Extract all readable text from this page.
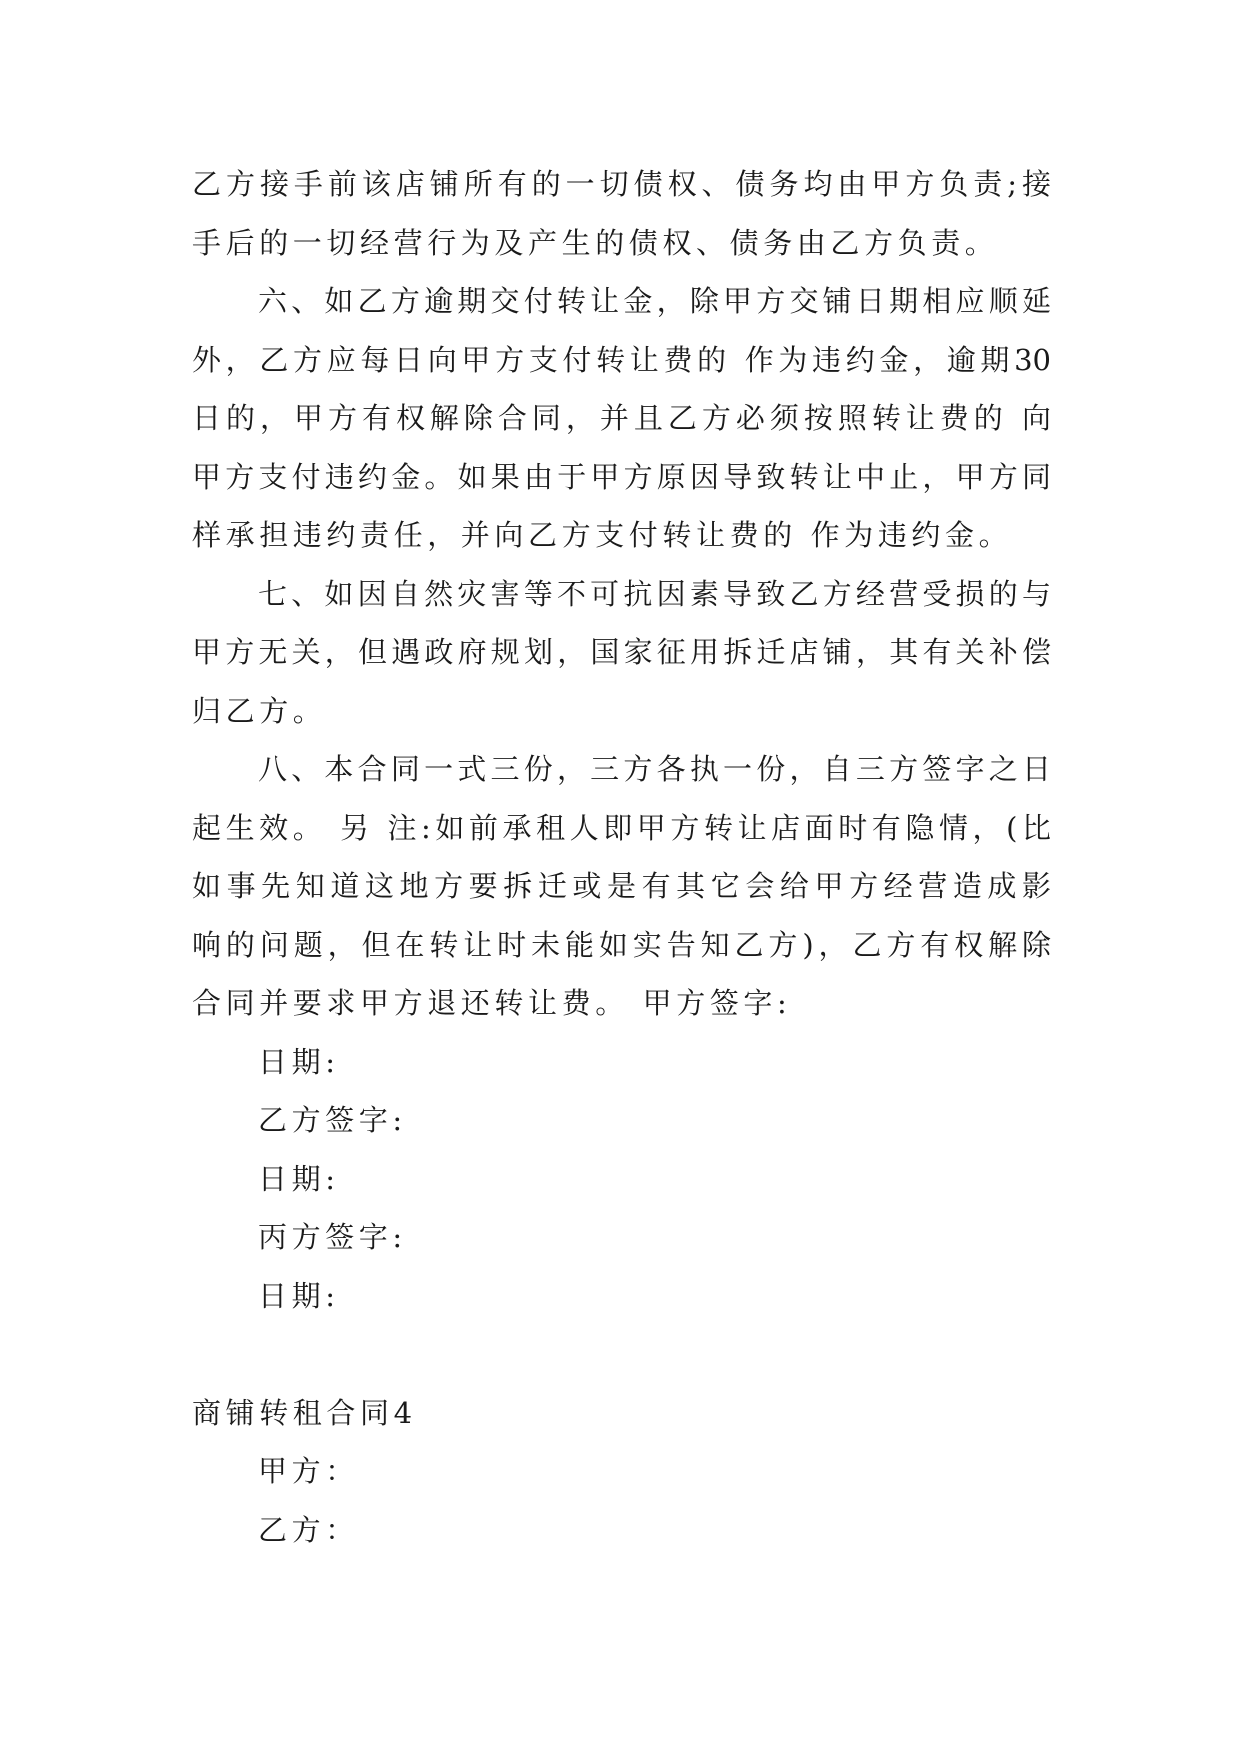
乙方接手前该店铺所有的一切债权、债务均由甲方负责;接
手后的一切经营行为及产生的债权、债务由乙方负责。
六、如乙方逾期交付转让金，除甲方交铺日期相应顺延
外，乙方应每日向甲方支付转让费的 作为违约金，逾期30
日的，甲方有权解除合同，并且乙方必须按照转让费的 向
甲方支付违约金。如果由于甲方原因导致转让中止，甲方同
样承担违约责任，并向乙方支付转让费的 作为违约金。
七、如因自然灾害等不可抗因素导致乙方经营受损的与
甲方无关，但遇政府规划，国家征用拆迁店铺，其有关补偿
归乙方。
八、本合同一式三份，三方各执一份，自三方签字之日
起生效。 另 注:如前承租人即甲方转让店面时有隐情，(比
如事先知道这地方要拆迁或是有其它会给甲方经营造成影
响的问题，但在转让时未能如实告知乙方)，乙方有权解除
合同并要求甲方退还转让费。 甲方签字:
日期:
乙方签字:
日期:
丙方签字:
日期:
商铺转租合同4
甲方：
乙方：
